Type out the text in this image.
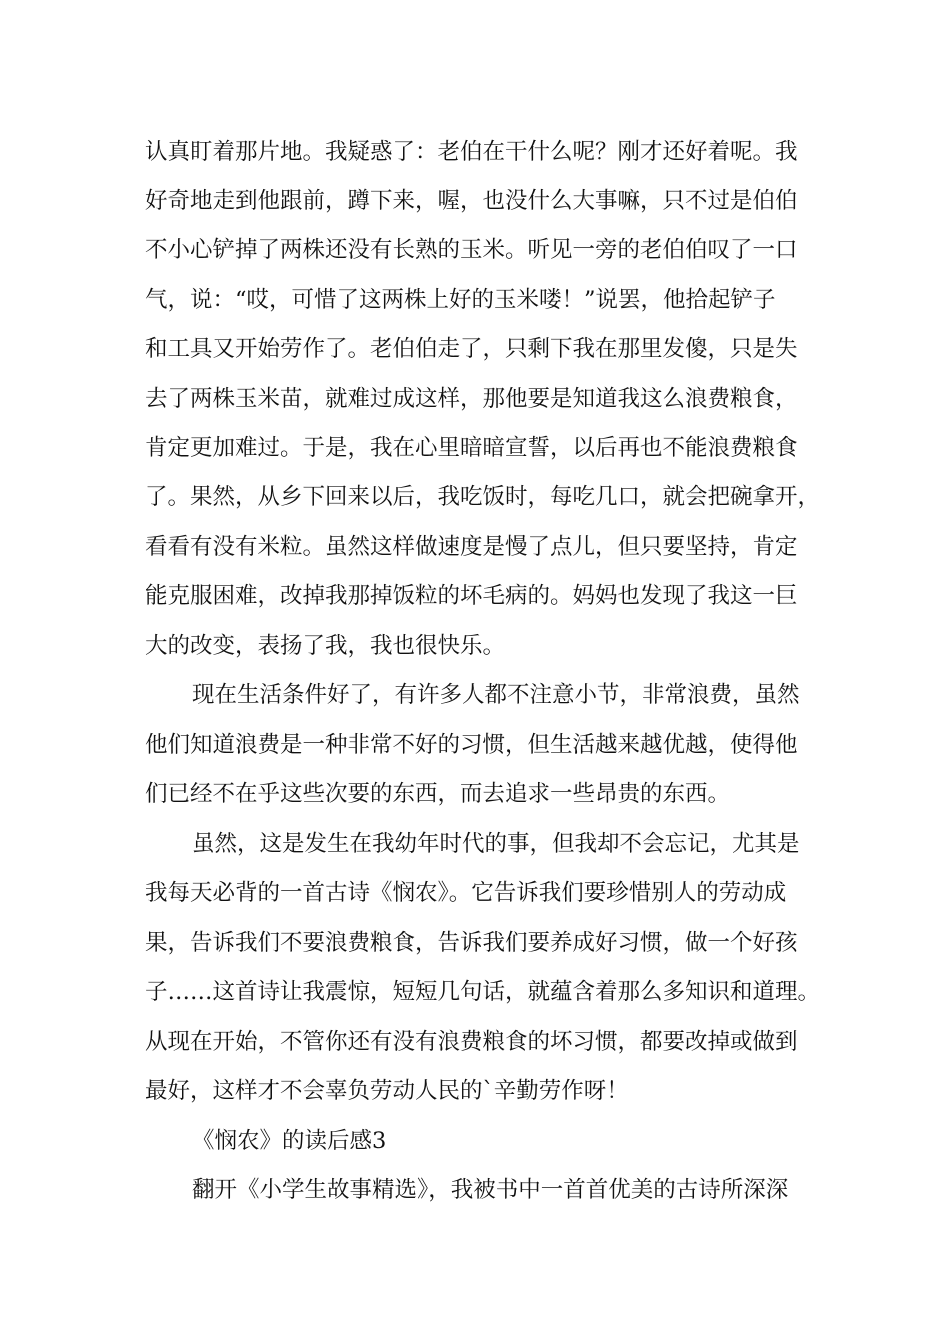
认真盯着那片地。我疑惑了：老伯在干什么呢？刚才还好着呢。我

好奇地走到他跟前，蹲下来，喔，也没什么大事嘛，只不过是伯伯

不小心铲掉了两株还没有长熟的玉米。听见一旁的老伯伯叹了一口

气，说：“哎，可惜了这两株上好的玉米喽！”说罢，他拾起铲子

和工具又开始劳作了。老伯伯走了，只剩下我在那里发傻，只是失

去了两株玉米苗，就难过成这样，那他要是知道我这么浪费粮食，

肯定更加难过。于是，我在心里暗暗宣誓，以后再也不能浪费粮食

了。果然，从乡下回来以后，我吃饭时，每吃几口，就会把碗拿开，

看看有没有米粒。虽然这样做速度是慢了点儿，但只要坚持，肯定

能克服困难，改掉我那掉饭粒的坏毛病的。妈妈也发现了我这一巨

大的改变，表扬了我，我也很快乐。

现在生活条件好了，有许多人都不注意小节，非常浪费，虽然

他们知道浪费是一种非常不好的习惯，但生活越来越优越，使得他

们已经不在乎这些次要的东西，而去追求一些昂贵的东西。

虽然，这是发生在我幼年时代的事，但我却不会忘记，尤其是

我每天必背的一首古诗《悯农》。它告诉我们要珍惜别人的劳动成

果，告诉我们不要浪费粮食，告诉我们要养成好习惯，做一个好孩

子……这首诗让我震惊，短短几句话，就蕴含着那么多知识和道理。

从现在开始，不管你还有没有浪费粮食的坏习惯，都要改掉或做到

最好，这样才不会辜负劳动人民的`辛勤劳作呀！

《悯农》的读后感3

翻开《小学生故事精选》，我被书中一首首优美的古诗所深深
